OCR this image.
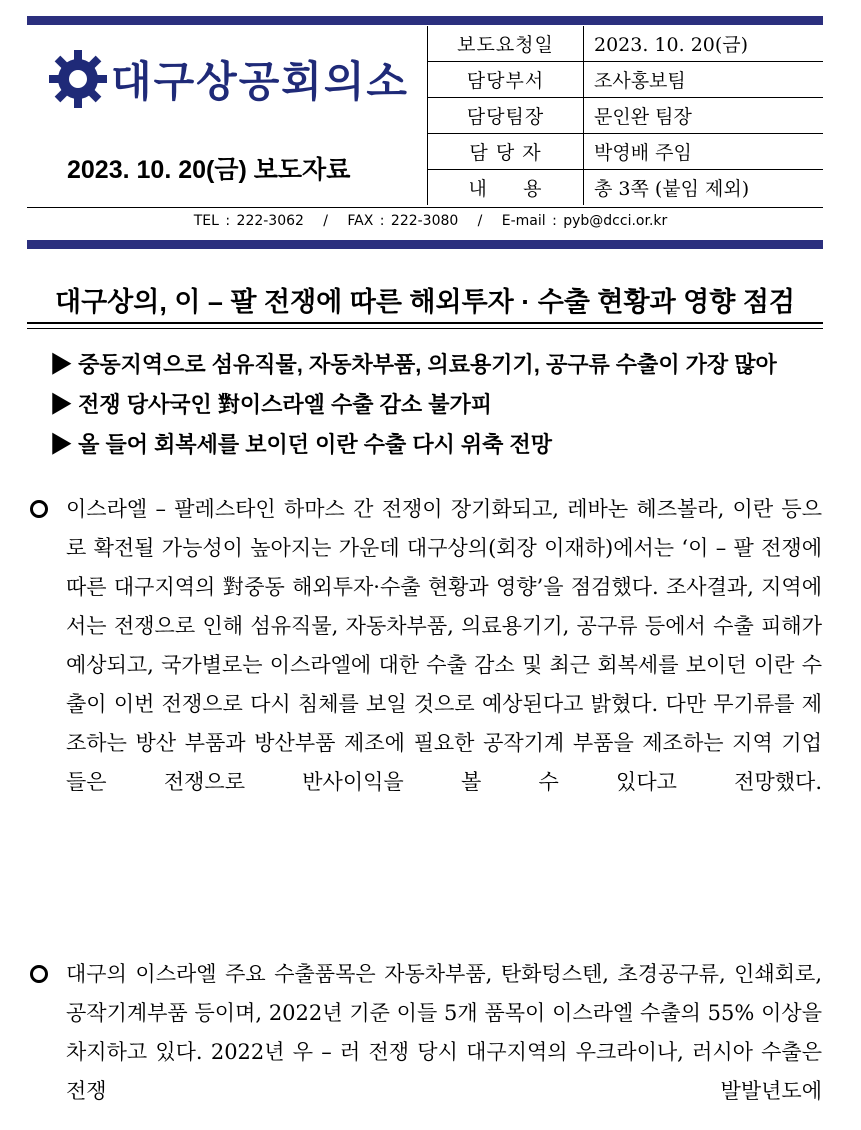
대구상공회의소
2023. 10. 20(금) 보도자료
보도요청일	2023. 10. 20(금)
담당부서	조사홍보팀
담당팀장	문인완 팀장
담 당 자	박영배 주임
내     용	총 3쪽 (붙임 제외)
TEL : 222-3062   /   FAX : 222-3080   /   E-mail : pyb@dcci.or.kr
대구상의, 이 – 팔 전쟁에 따른 해외투자 · 수출 현황과 영향 점검
▶ 중동지역으로 섬유직물, 자동차부품, 의료용기기, 공구류 수출이 가장 많아
▶ 전쟁 당사국인 對이스라엘 수출 감소 불가피
▶ 올 들어 회복세를 보이던 이란 수출 다시 위축 전망
이스라엘 – 팔레스타인 하마스 간 전쟁이 장기화되고, 레바논 헤즈볼라, 이란 등으로 확전될 가능성이 높아지는 가운데 대구상의(회장 이재하)에서는 ‘이 – 팔 전쟁에 따른 대구지역의 對중동 해외투자·수출 현황과 영향’을 점검했다. 조사결과, 지역에서는 전쟁으로 인해 섬유직물, 자동차부품, 의료용기기, 공구류 등에서 수출 피해가 예상되고, 국가별로는 이스라엘에 대한 수출 감소 및 최근 회복세를 보이던 이란 수출이 이번 전쟁으로 다시 침체를 보일 것으로 예상된다고 밝혔다. 다만 무기류를 제조하는 방산 부품과 방산부품 제조에 필요한 공작기계 부품을 제조하는 지역 기업들은 전쟁으로 반사이익을 볼 수 있다고 전망했다.
대구의 이스라엘 주요 수출품목은 자동차부품, 탄화텅스텐, 초경공구류, 인쇄회로, 공작기계부품 등이며, 2022년 기준 이들 5개 품목이 이스라엘 수출의 55% 이상을 차지하고 있다. 2022년 우 – 러 전쟁 당시 대구지역의 우크라이나, 러시아 수출은 전쟁 발발년도에
